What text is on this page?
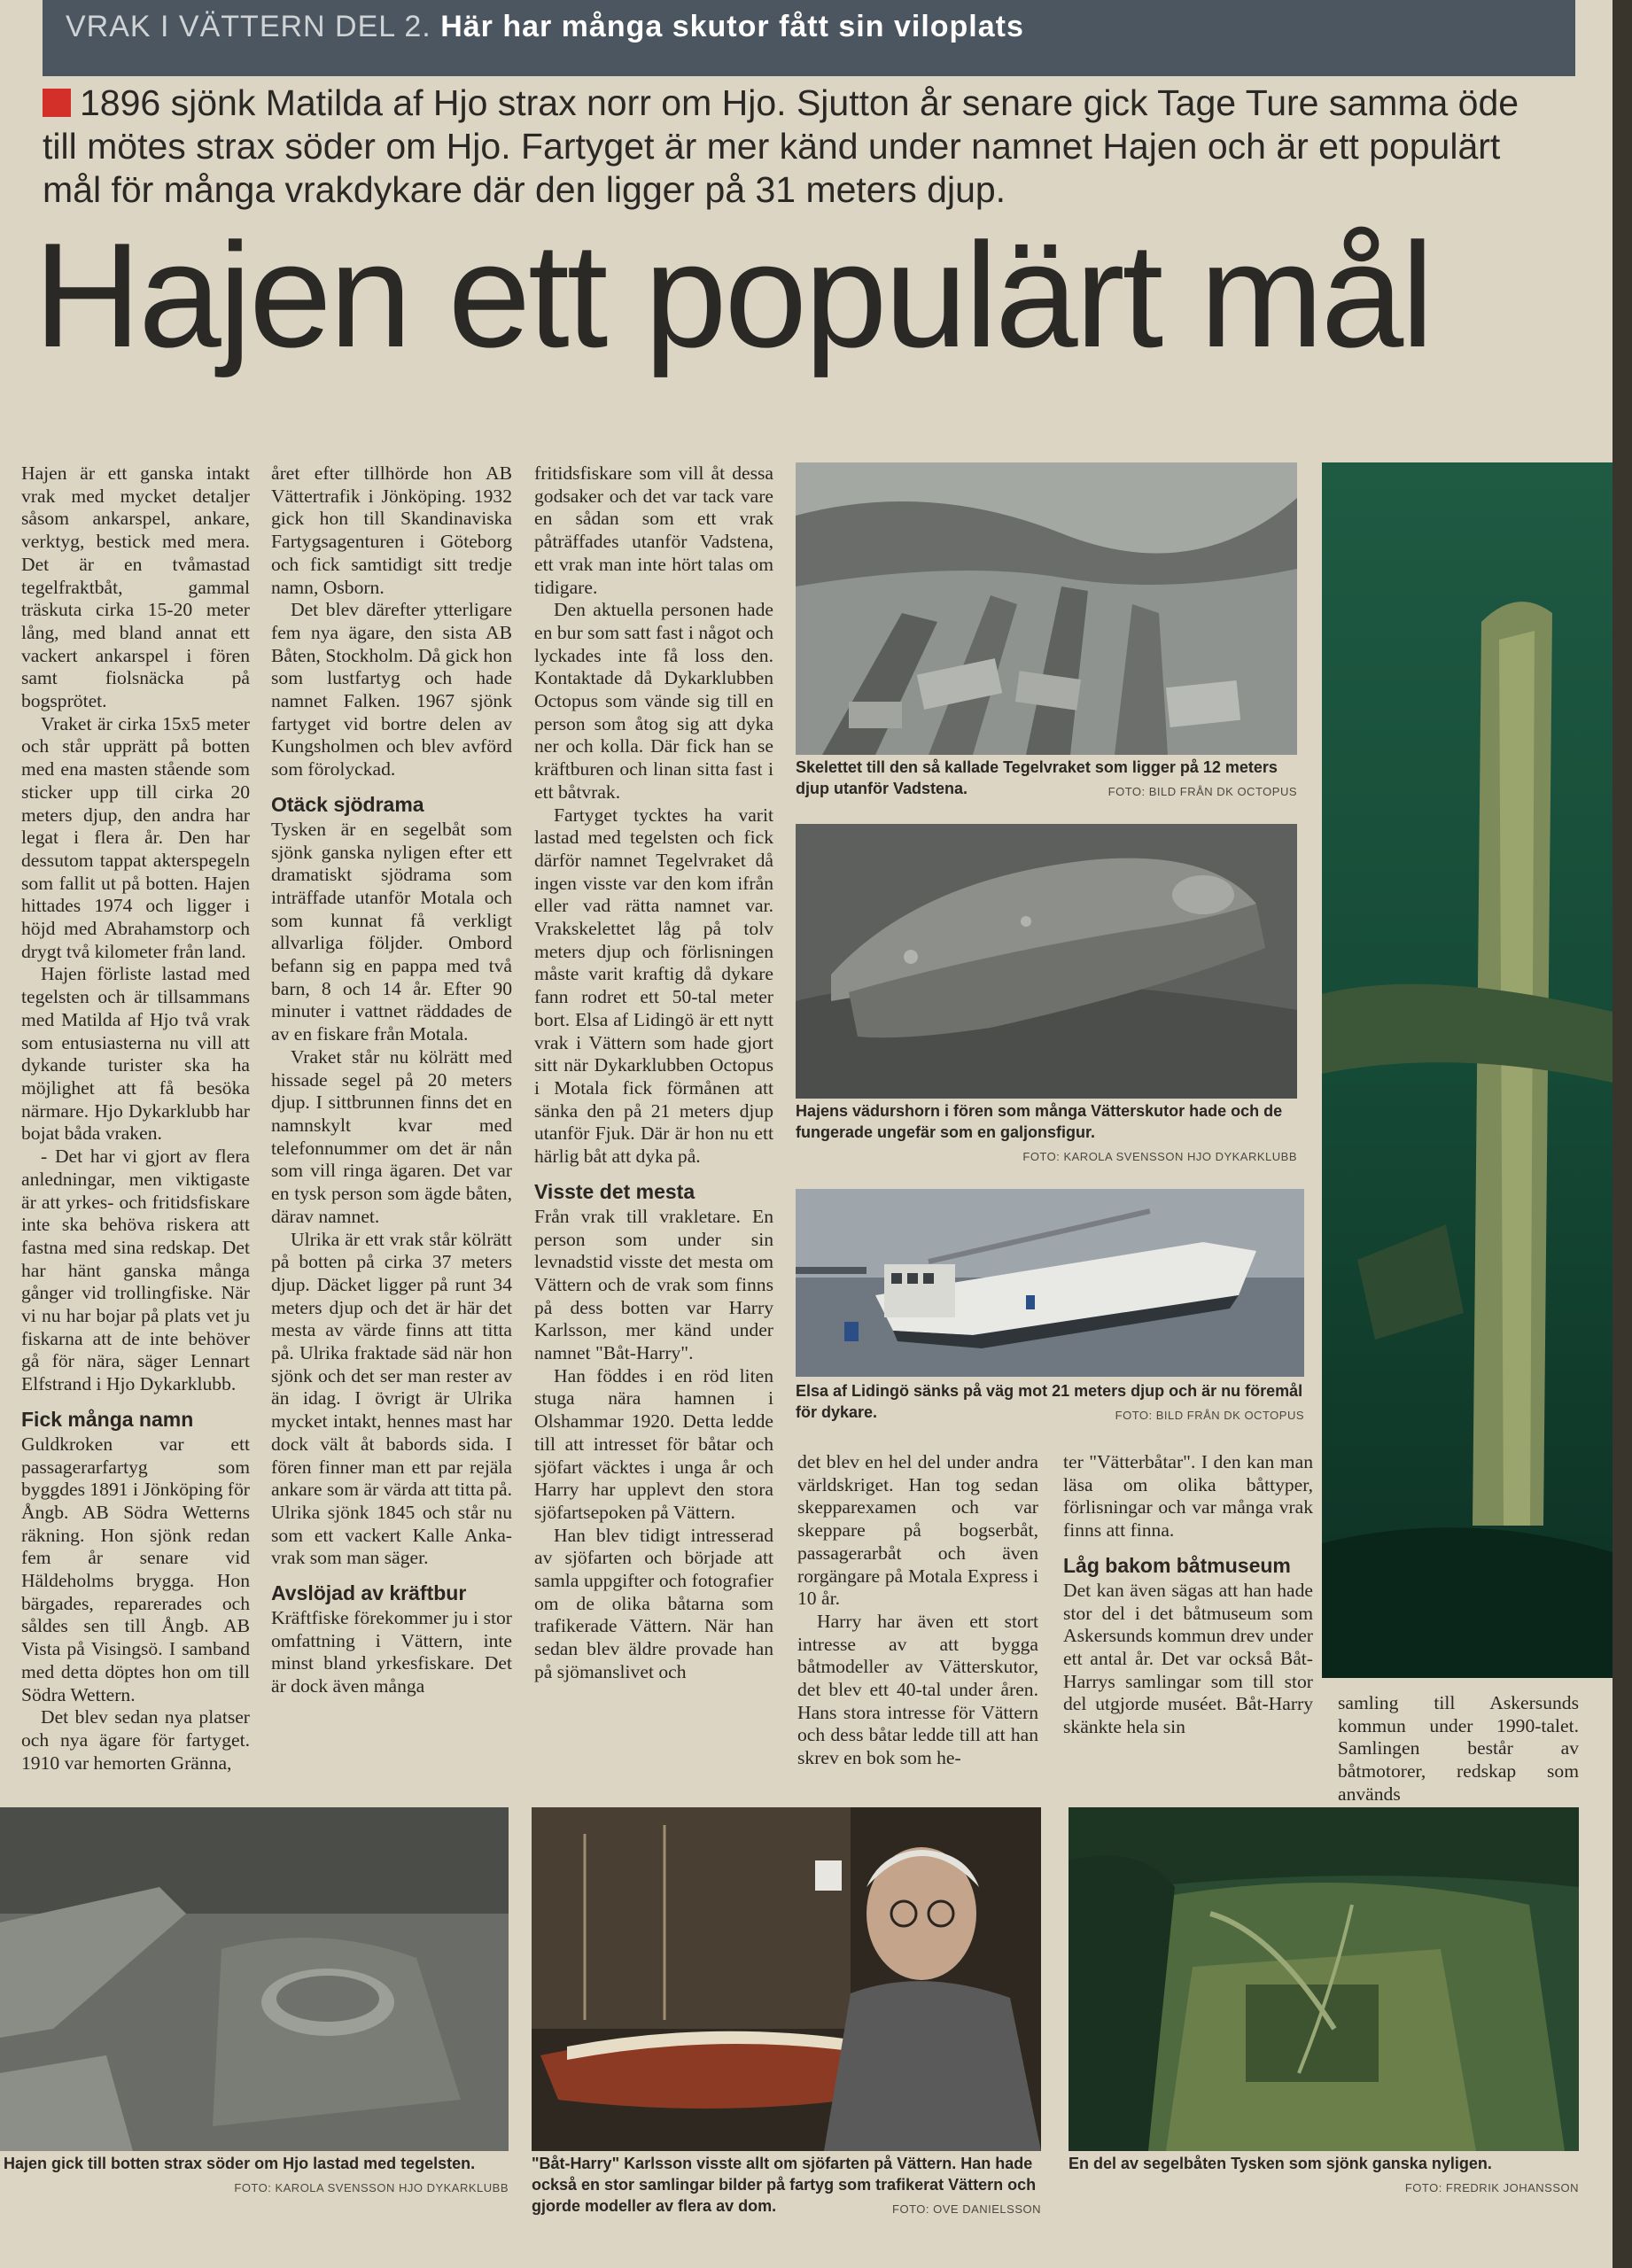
VRAK I VÄTTERN DEL 2. Här har många skutor fått sin viloplats
1896 sjönk Matilda af Hjo strax norr om Hjo. Sjutton år senare gick Tage Ture samma öde till mötes strax söder om Hjo. Fartyget är mer känd under namnet Hajen och är ett populärt mål för många vrakdykare där den ligger på 31 meters djup.
Hajen ett populärt mål

Hajen är ett ganska intakt vrak med mycket detaljer såsom ankarspel, ankare, verktyg, bestick med mera. Det är en tvåmastad tegelfraktbåt, gammal träskuta cirka 15-20 meter lång, med bland annat ett vackert ankarspel i fören samt fiolsnäcka på bogsprötet.

Vraket är cirka 15x5 meter och står upprätt på botten med ena masten stående som sticker upp till cirka 20 meters djup, den andra har legat i flera år. Den har dessutom tappat akterspegeln som fallit ut på botten. Hajen hittades 1974 och ligger i höjd med Abrahamstorp och drygt två kilometer från land.

Hajen förliste lastad med tegelsten och är tillsammans med Matilda af Hjo två vrak som entusiasterna nu vill att dykande turister ska ha möjlighet att få besöka närmare. Hjo Dykarklubb har bojat båda vraken.

- Det har vi gjort av flera anledningar, men viktigaste är att yrkes- och fritidsfiskare inte ska behöva riskera att fastna med sina redskap. Det har hänt ganska många gånger vid trollingfiske. När vi nu har bojar på plats vet ju fiskarna att de inte behöver gå för nära, säger Lennart Elfstrand i Hjo Dykarklubb.

Fick många namn

Guldkroken var ett passagerarfartyg som byggdes 1891 i Jönköping för Ångb. AB Södra Wetterns räkning. Hon sjönk redan fem år senare vid Häldeholms brygga. Hon bärgades, reparerades och såldes sen till Ångb. AB Vista på Visingsö. I samband med detta döptes hon om till Södra Wettern.

Det blev sedan nya platser och nya ägare för fartyget. 1910 var hemorten Gränna,

året efter tillhörde hon AB Vättertrafik i Jönköping. 1932 gick hon till Skandinaviska Fartygsagenturen i Göteborg och fick samtidigt sitt tredje namn, Osborn.

Det blev därefter ytterligare fem nya ägare, den sista AB Båten, Stockholm. Då gick hon som lustfartyg och hade namnet Falken. 1967 sjönk fartyget vid bortre delen av Kungsholmen och blev avförd som förolyckad.

Otäck sjödrama

Tysken är en segelbåt som sjönk ganska nyligen efter ett dramatiskt sjödrama som inträffade utanför Motala och som kunnat få verkligt allvarliga följder. Ombord befann sig en pappa med två barn, 8 och 14 år. Efter 90 minuter i vattnet räddades de av en fiskare från Motala.

Vraket står nu kölrätt med hissade segel på 20 meters djup. I sittbrunnen finns det en namnskylt kvar med telefonnummer om det är nån som vill ringa ägaren. Det var en tysk person som ägde båten, därav namnet.

Ulrika är ett vrak står kölrätt på botten på cirka 37 meters djup. Däcket ligger på runt 34 meters djup och det är här det mesta av värde finns att titta på. Ulrika fraktade säd när hon sjönk och det ser man rester av än idag. I övrigt är Ulrika mycket intakt, hennes mast har dock vält åt babords sida. I fören finner man ett par rejäla ankare som är värda att titta på. Ulrika sjönk 1845 och står nu som ett vackert Kalle Anka-vrak som man säger.

Avslöjad av kräftbur

Kräftfiske förekommer ju i stor omfattning i Vättern, inte minst bland yrkesfiskare. Det är dock även många

fritidsfiskare som vill åt dessa godsaker och det var tack vare en sådan som ett vrak påträffades utanför Vadstena, ett vrak man inte hört talas om tidigare.

Den aktuella personen hade en bur som satt fast i något och lyckades inte få loss den. Kontaktade då Dykarklubben Octopus som vände sig till en person som åtog sig att dyka ner och kolla. Där fick han se kräftburen och linan sitta fast i ett båtvrak.

Fartyget tycktes ha varit lastad med tegelsten och fick därför namnet Tegelvraket då ingen visste var den kom ifrån eller vad rätta namnet var. Vrakskelettet låg på tolv meters djup och förlisningen måste varit kraftig då dykare fann rodret ett 50-tal meter bort. Elsa af Lidingö är ett nytt vrak i Vättern som hade gjort sitt när Dykarklubben Octopus i Motala fick förmånen att sänka den på 21 meters djup utanför Fjuk. Där är hon nu ett härlig båt att dyka på.

Visste det mesta

Från vrak till vrakletare. En person som under sin levnadstid visste det mesta om Vättern och de vrak som finns på dess botten var Harry Karlsson, mer känd under namnet "Båt-Harry".

Han föddes i en röd liten stuga nära hamnen i Olshammar 1920. Detta ledde till att intresset för båtar och sjöfart väcktes i unga år och Harry har upplevt den stora sjöfartsepoken på Vättern.

Han blev tidigt intresserad av sjöfarten och började att samla uppgifter och fotografier om de olika båtarna som trafikerade Vättern. När han sedan blev äldre provade han på sjömanslivet och

det blev en hel del under andra världskriget. Han tog sedan skepparexamen och var skeppare på bogserbåt, passagerarbåt och även rorgängare på Motala Express i 10 år.

Harry har även ett stort intresse av att bygga båtmodeller av Vätterskutor, det blev ett 40-tal under åren. Hans stora intresse för Vättern och dess båtar ledde till att han skrev en bok som he-

ter "Vätterbåtar". I den kan man läsa om olika båttyper, förlisningar och var många vrak finns att finna.

Låg bakom båtmuseum

Det kan även sägas att han hade stor del i det båtmuseum som Askersunds kommun drev under ett antal år. Det var också Båt-Harrys samlingar som till stor del utgjorde muséet. Båt-Harry skänkte hela sin

samling till Askersunds kommun under 1990-talet. Samlingen består av båtmotorer, redskap som används

Skelettet till den så kallade Tegelvraket som ligger på 12 meters djup utanför Vadstena.	FOTO: BILD FRÅN DK OCTOPUS
Hajens vädurshorn i fören som många Vätterskutor hade och de fungerade ungefär som en galjonsfigur.
FOTO: KAROLA SVENSSON HJO DYKARKLUBB
Elsa af Lidingö sänks på väg mot 21 meters djup och är nu föremål för dykare.	FOTO: BILD FRÅN DK OCTOPUS
Hajen gick till botten strax söder om Hjo lastad med tegelsten.
FOTO: KAROLA SVENSSON HJO DYKARKLUBB
"Båt-Harry" Karlsson visste allt om sjöfarten på Vättern. Han hade också en stor samlingar bilder på fartyg som trafikerat Vättern och gjorde modeller av flera av dom.	FOTO: OVE DANIELSSON
En del av segelbåten Tysken som sjönk ganska nyligen.
FOTO: FREDRIK JOHANSSON
